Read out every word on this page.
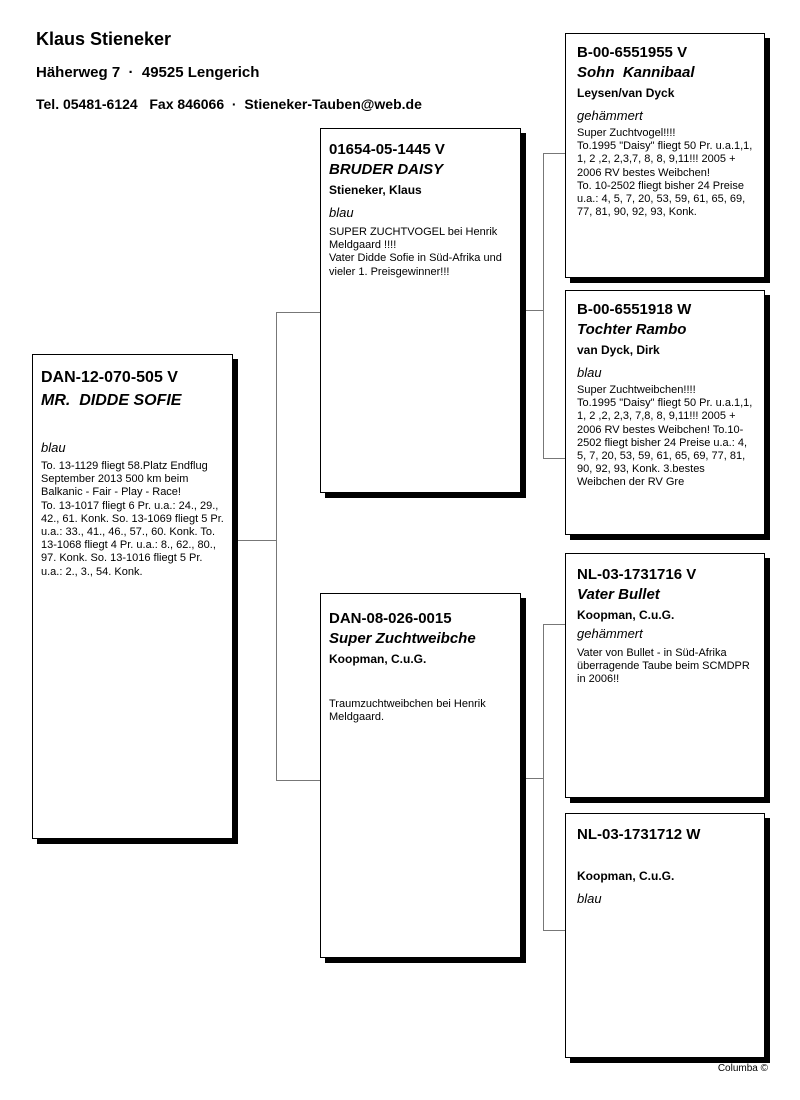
Klaus Stieneker
Häherweg 7  ·  49525 Lengerich
Tel. 05481-6124   Fax 846066  ·  Stieneker-Tauben@web.de
DAN-12-070-505 V
MR.  DIDDE SOFIE
blau
To. 13-1129 fliegt 58.Platz Endflug September 2013 500 km beim Balkanic - Fair - Play - Race!
To. 13-1017 fliegt 6 Pr. u.a.: 24., 29., 42., 61. Konk. So. 13-1069 fliegt 5 Pr. u.a.: 33., 41., 46., 57., 60. Konk. To. 13-1068 fliegt 4 Pr. u.a.: 8., 62., 80., 97. Konk. So. 13-1016 fliegt 5 Pr. u.a.: 2., 3., 54. Konk.
01654-05-1445 V
BRUDER DAISY
Stieneker, Klaus
blau
SUPER ZUCHTVOGEL bei Henrik Meldgaard !!!!
Vater Didde Sofie in Süd-Afrika und vieler 1. Preisgewinner!!!
DAN-08-026-0015
Super Zuchtweibche
Koopman, C.u.G.
Traumzuchtweibchen bei Henrik Meldgaard.
B-00-6551955 V
Sohn  Kannibaal
Leysen/van Dyck
gehämmert
Super Zuchtvogel!!!!
To.1995 "Daisy" fliegt 50 Pr. u.a.1,1, 1, 2 ,2, 2,3,7, 8, 8, 9,11!!! 2005 + 2006 RV bestes Weibchen!
To. 10-2502 fliegt bisher 24 Preise u.a.: 4, 5, 7, 20, 53, 59, 61, 65, 69, 77, 81, 90, 92, 93, Konk.
B-00-6551918 W
Tochter Rambo
van Dyck, Dirk
blau
Super Zuchtweibchen!!!!
To.1995 "Daisy" fliegt 50 Pr. u.a.1,1, 1, 2 ,2, 2,3, 7,8, 8, 9,11!!! 2005 + 2006 RV bestes Weibchen! To.10-2502 fliegt bisher 24 Preise u.a.: 4, 5, 7, 20, 53, 59, 61, 65, 69, 77, 81, 90, 92, 93, Konk. 3.bestes Weibchen der RV Gre
NL-03-1731716 V
Vater Bullet
Koopman, C.u.G.
gehämmert
Vater von Bullet - in Süd-Afrika überragende Taube beim SCMDPR in 2006!!
NL-03-1731712 W
Koopman, C.u.G.
blau
Columba ©
